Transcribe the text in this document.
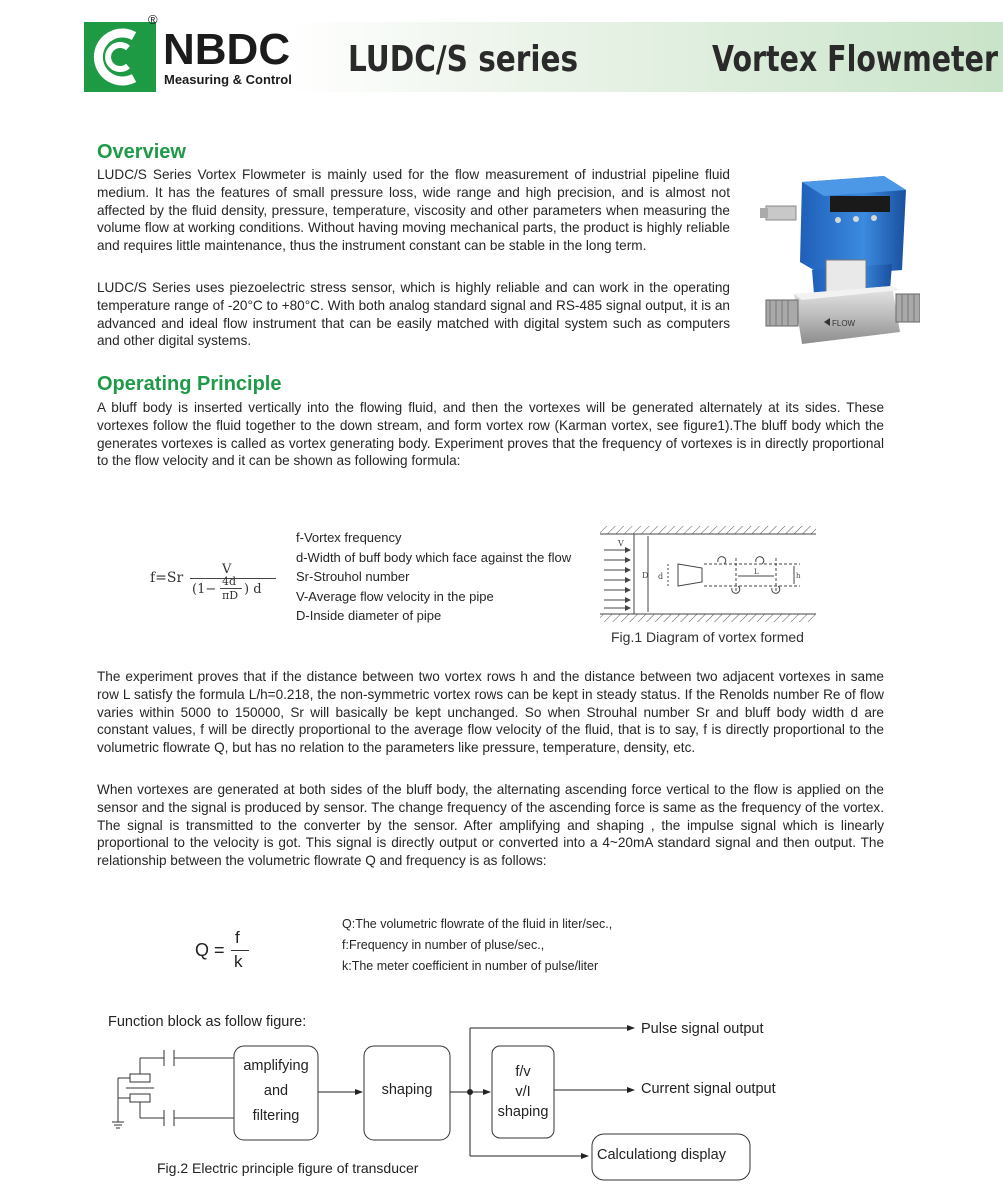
®
NBDC
Measuring & Control LUDC/S series	Vortex Flowmeter
Overview

LUDC/S Series Vortex Flowmeter is mainly used for the flow measurement of industrial pipeline fluid medium. It has the features of small pressure loss, wide range and high precision, and is almost not affected by the fluid density, pressure, temperature, viscosity and other parameters when measuring the volume flow at working conditions. Without having moving mechanical parts, the product is highly reliable and requires little maintenance, thus the instrument constant can be stable in the long term.

LUDC/S Series uses piezoelectric stress sensor, which is highly reliable and can work in the operating temperature range of -20°C to +80°C. With both analog standard signal and RS-485 signal output, it is an advanced and ideal flow instrument that can be easily matched with digital system such as computers and other digital systems.

FLOW
Operating Principle

A bluff body is inserted vertically into the flowing fluid, and then the vortexes will be generated alternately at its sides. These vortexes follow the fluid together to the down stream, and form vortex row (Karman vortex, see figure1).The bluff body which the generates vortexes is called as vortex generating body. Experiment proves that the frequency of vortexes is in directly proportional to the flow velocity and it can be shown as following formula:

f=Sr
V
(1−
4d
πD ) d
f-Vortex frequency
d-Width of buff body which face against the flow
Sr-Strouhol number
V-Average flow velocity in the pipe
D-Inside diameter of pipe
V
D d	L	h
Fig.1 Diagram of vortex formed

The experiment proves that if the distance between two vortex rows h and the distance between two adjacent vortexes in same row L satisfy the formula L/h=0.218, the non-symmetric vortex rows can be kept in steady status. If the Renolds number Re of flow varies within 5000 to 150000, Sr will basically be kept unchanged. So when Strouhal number Sr and bluff body width d are constant values, f will be directly proportional to the average flow velocity of the fluid, that is to say, f is directly proportional to the volumetric flowrate Q, but has no relation to the parameters like pressure, temperature, density, etc.

When vortexes are generated at both sides of the bluff body, the alternating ascending force vertical to the flow is applied on the sensor and the signal is produced by sensor. The change frequency of the ascending force is same as the frequency of the vortex. The signal is transmitted to the converter by the sensor. After amplifying and shaping , the impulse signal which is linearly proportional to the velocity is got. This signal is directly output or converted into a 4~20mA standard signal and then output. The relationship between the volumetric flowrate Q and frequency is as follows:

Q =
f
k
Q:The volumetric flowrate of the fluid in liter/sec.,
f:Frequency in number of pluse/sec.,
k:The meter coefficient in number of pulse/liter
Function block as follow figure:
amplifying
and
filtering
shaping
f/v
v/I
shaping
Pulse signal output
Current signal output
Calculationg display
Fig.2 Electric principle figure of transducer
